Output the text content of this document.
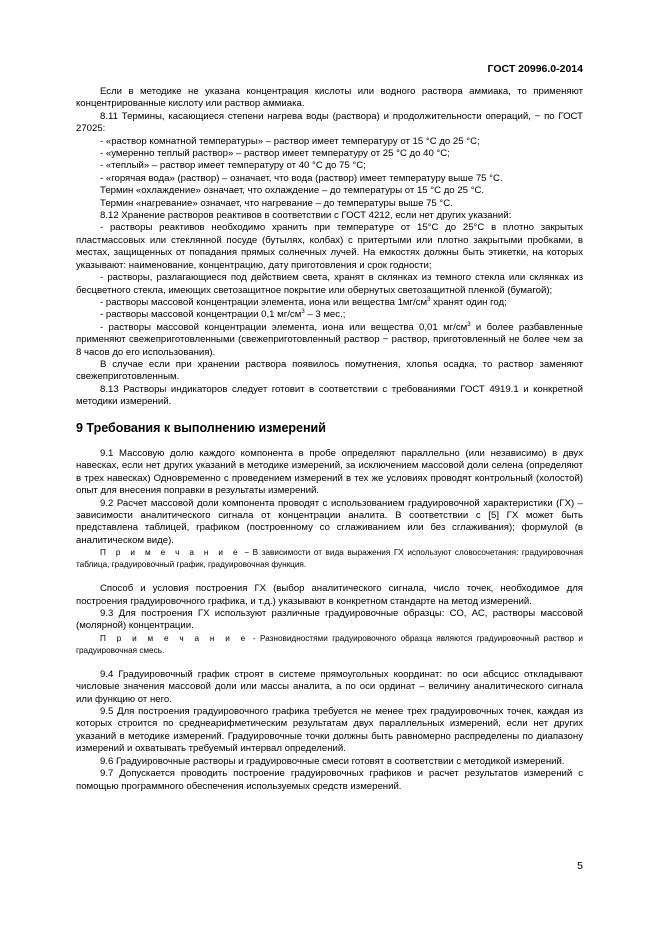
ГОСТ 20996.0-2014

Если в методике не указана концентрация кислоты или водного раствора аммиака, то применяют концентрированные кислоту или раствор аммиака.

8.11 Термины, касающиеся степени нагрева воды (раствора) и продолжительности операций, − по ГОСТ 27025:

- «раствор комнатной температуры» – раствор имеет температуру от 15 °С до 25 °С;

- «умеренно теплый раствор» – раствор имеет температуру от 25 °С до 40 °С;

- «теплый» – раствор имеет температуру от 40 °С до 75 °С;

- «горячая вода» (раствор) – означает, что вода (раствор) имеет температуру выше 75 °С.

Термин «охлаждение» означает, что охлаждение – до температуры от 15 °С до 25 °С.

Термин «нагревание» означает, что нагревание – до температуры выше 75 °С.

8.12 Хранение растворов реактивов в соответствии с ГОСТ 4212, если нет других указаний:

- растворы реактивов необходимо хранить при температуре от 15°С до 25°С в плотно закрытых пластмассовых или стеклянной посуде (бутылях, колбах) с притертыми или плотно закрытыми пробками, в местах, защищенных от попадания прямых солнечных лучей. На емкостях должны быть этикетки, на которых указывают: наименование, концентрацию, дату приготовления и срок годности;

- растворы, разлагающиеся под действием света, хранят в склянках из темного стекла или склянках из бесцветного стекла, имеющих светозащитное покрытие или обернутых светозащитной пленкой (бумагой);

- растворы массовой концентрации элемента, иона или вещества $1мг/см^3$ хранят один год;

- растворы массовой концентрации 0,1 $мг/см^3 - 3$ мес.;

- растворы массовой концентрации элемента, иона или вещества 0,01 $мг/см^3$ и более разбавленные применяют свежеприготовленными (свежеприготовленный раствор − раствор, приготовленный не более чем за 8 часов до его использования).

В случае если при хранении раствора появилось помутнения, хлопья осадка, то раствор заменяют свежеприготовленным.

8.13 Растворы индикаторов следует готовит в соответствии с требованиями ГОСТ 4919.1 и конкретной методики измерений.

9 Требования к выполнению измерений

9.1 Массовую долю каждого компонента в пробе определяют параллельно (или независимо) в двух навесках, если нет других указаний в методике измерений, за исключением массовой доли селена (определяют в трех навесках) Одновременно с проведением измерений в тех же условиях проводят контрольный (холостой) опыт для внесения поправки в результаты измерений.

9.2 Расчет массовой доли компонента проводят с использованием градуировочной характеристики (ГХ) – зависимости аналитического сигнала от концентрации аналита. В соответствии с [5] ГХ может быть представлена таблицей, графиком (построенному со сглаживанием или без сглаживания); формулой (в аналитическом виде).

П р и м е ч а н и е − В зависимости от вида выражения ГХ используют словосочетания: градуировочная таблица, градуировочный график, градуировочная функция.

Способ и условия построения ГХ (выбор аналитического сигнала, число точек, необходимое для построения градуировочного графика, и т.д.) указывают в конкретном стандарте на метод измерений.

9.3 Для построения ГХ используют различные градуировочные образцы: СО, АС, растворы массовой (молярной) концентрации.

П р и м е ч а н и е - Разновидностями градуировочного образца являются градуировочный раствор и градуировочная смесь.

9.4 Градуировочный график строят в системе прямоугольных координат: по оси абсцисс откладывают числовые значения массовой доли или массы аналита, а по оси ординат – величину аналитического сигнала или функцию от него.

9.5 Для построения градуировочного графика требуется не менее трех градуировочных точек, каждая из которых строится по среднеарифметическим результатам двух параллельных измерений, если нет других указаний в методике измерений. Градуировочные точки должны быть равномерно распределены по диапазону измерений и охватывать требуемый интервал определений.

9.6 Градуировочные растворы и градуировочные смеси готовят в соответствии с методикой измерений.

9.7 Допускается проводить построение градуировочных графиков и расчет результатов измерений с помощью программного обеспечения используемых средств измерений.

5
